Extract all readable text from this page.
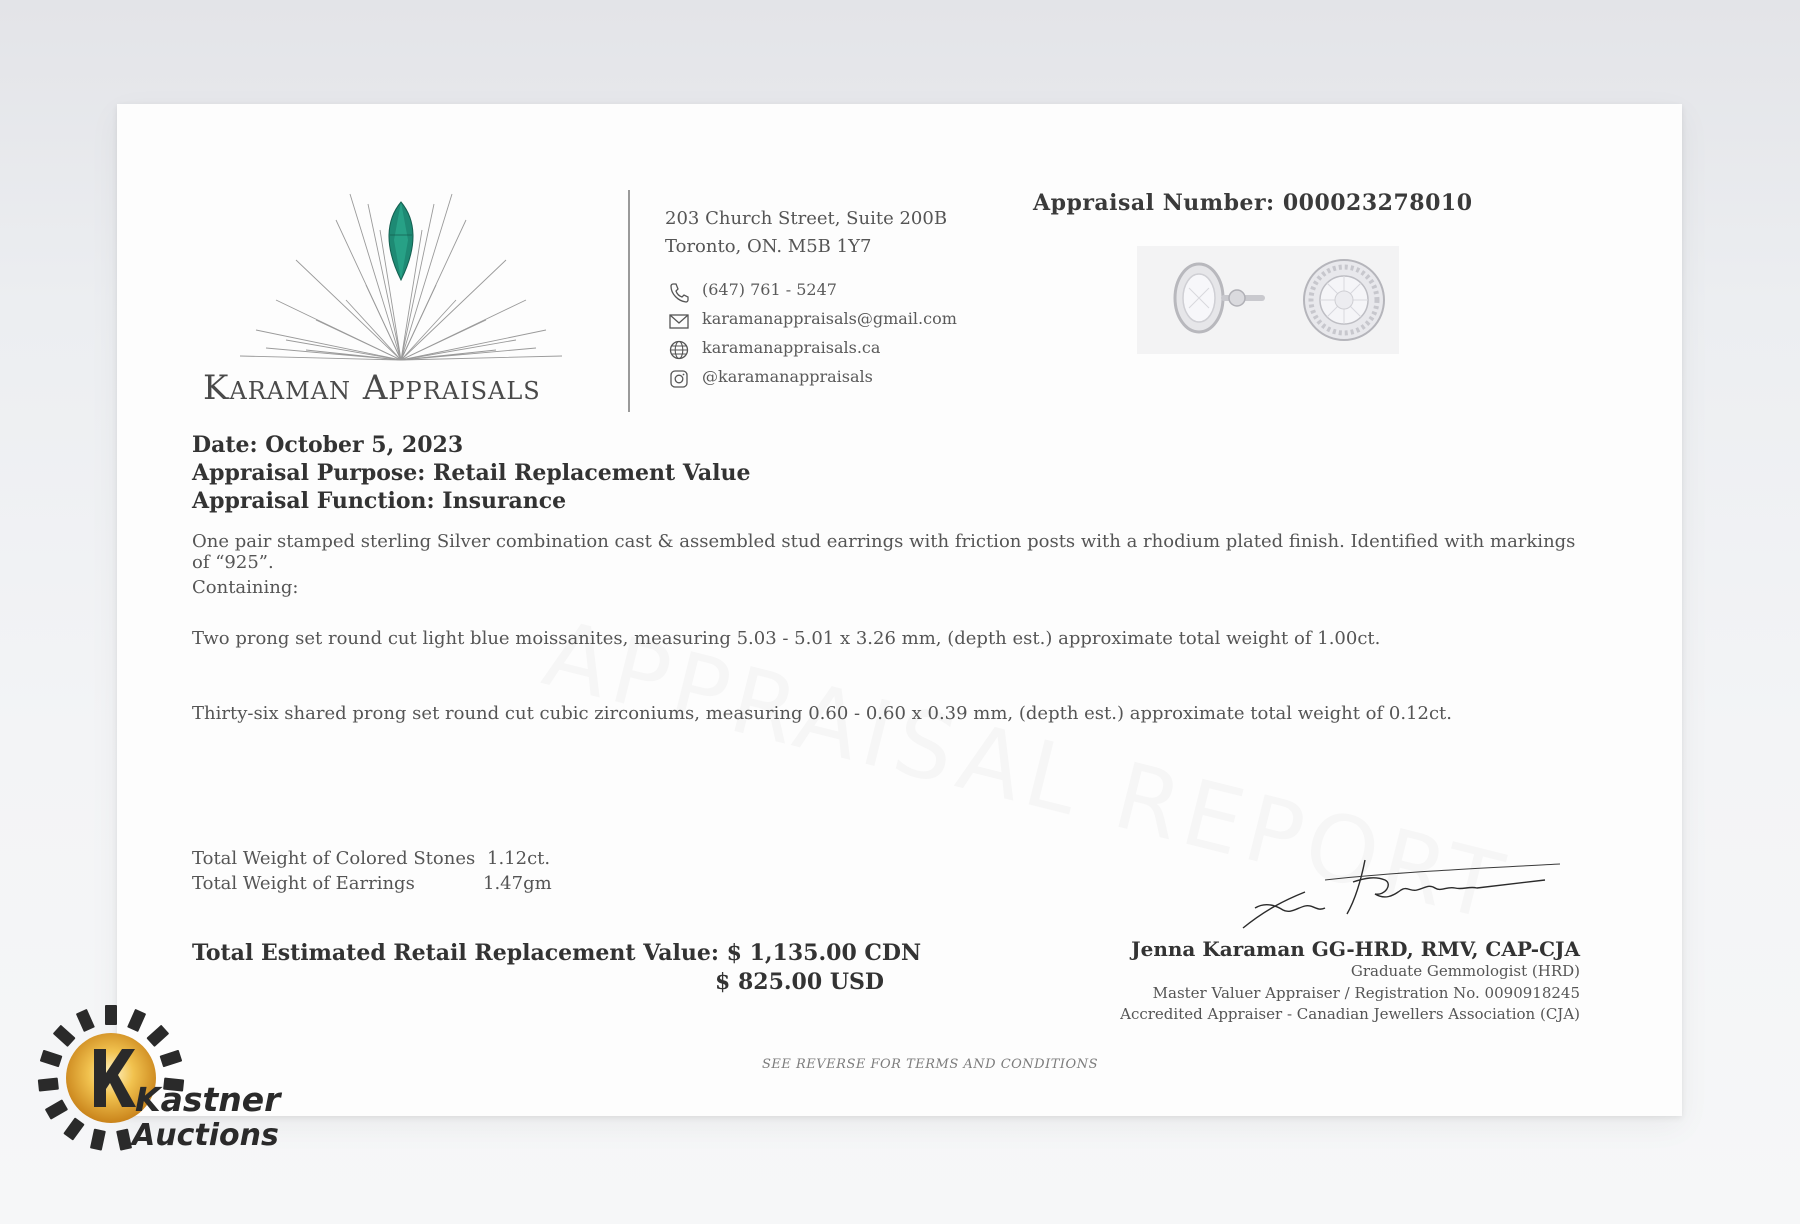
Karaman Appraisals
203 Church Street, Suite 200B
Toronto, ON. M5B 1Y7
(647) 761 - 5247
karamanappraisals@gmail.com
karamanappraisals.ca
@karamanappraisals
Appraisal Number: 000023278010
Date: October 5, 2023
Appraisal Purpose: Retail Replacement Value
Appraisal Function: Insurance
One pair stamped sterling Silver combination cast & assembled stud earrings with friction posts with a rhodium plated finish. Identified with markings
of “925”.
Containing:
Two prong set round cut light blue moissanites, measuring 5.03 - 5.01 x 3.26 mm, (depth est.) approximate total weight of 1.00ct.
Thirty-six shared prong set round cut cubic zirconiums, measuring 0.60 - 0.60 x 0.39 mm, (depth est.) approximate total weight of 0.12ct.
Total Weight of Colored Stones 1.12ct.
Total Weight of Earrings	1.47gm
Total Estimated Retail Replacement Value: $ 1,135.00 CDN
$ 825.00 USD
Jenna Karaman GG-HRD, RMV, CAP-CJA
Graduate Gemmologist (HRD)
Master Valuer Appraiser / Registration No. 0090918245
Accredited Appraiser - Canadian Jewellers Association (CJA)
SEE REVERSE FOR TERMS AND CONDITIONS
Kastner
Auctions
